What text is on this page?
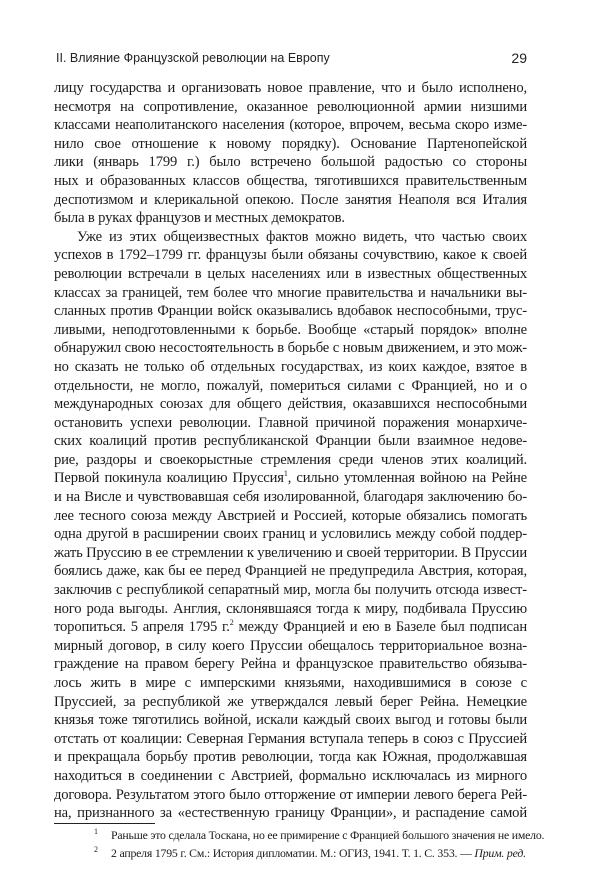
II. Влияние Французской революции на Европу	29
лицу государства и организовать новое правление, что и было исполнено,
несмотря на сопротивление, оказанное революционной армии низшими
классами неаполитанского населения (которое, впрочем, весьма скоро изме-
нило свое отношение к новому порядку). Основание Партенопейской
лики (январь 1799 г.) было встречено большой радостью со стороны
ных и образованных классов общества, тяготившихся правительственным
деспотизмом и клерикальной опекою. После занятия Неаполя вся Италия
была в руках французов и местных демократов.
Уже из этих общеизвестных фактов можно видеть, что частью своих
успехов в 1792–1799 гг. французы были обязаны сочувствию, какое к своей
революции встречали в целых населениях или в известных общественных
классах за границей, тем более что многие правительства и начальники вы-
сланных против Франции войск оказывались вдобавок неспособными, трус-
ливыми, неподготовленными к борьбе. Вообще «старый порядок» вполне
обнаружил свою несостоятельность в борьбе с новым движением, и это мож-
но сказать не только об отдельных государствах, из коих каждое, взятое в
отдельности, не могло, пожалуй, помериться силами с Францией, но и о
международных союзах для общего действия, оказавшихся неспособными
остановить успехи революции. Главной причиной поражения монархиче-
ских коалиций против республиканской Франции были взаимное недове-
рие, раздоры и своекорыстные стремления среди членов этих коалиций.
Первой покинула коалицию Пруссия$^1$, сильно утомленная войною на Рейне
и на Висле и чувствовавшая себя изолированной, благодаря заключению бо-
лее тесного союза между Австрией и Россией, которые обязались помогать
одна другой в расширении своих границ и условились между собой поддер-
жать Пруссию в ее стремлении к увеличению и своей территории. В Пруссии
боялись даже, как бы ее перед Францией не предупредила Австрия, которая,
заключив с республикой сепаратный мир, могла бы получить отсюда извест-
ного рода выгоды. Англия, склонявшаяся тогда к миру, подбивала Пруссию
торопиться. 5 апреля 1795 г.$^2$ между Францией и ею в Базеле был подписан
мирный договор, в силу коего Пруссии обещалось территориальное возна-
граждение на правом берегу Рейна и французское правительство обязыва-
лось жить в мире с имперскими князьями, находившимися в союзе с
Пруссией, за республикой же утверждался левый берег Рейна. Немецкие
князья тоже тяготились войной, искали каждый своих выгод и готовы были
отстать от коалиции: Северная Германия вступала теперь в союз с Пруссией
и прекращала борьбу против революции, тогда как Южная, продолжавшая
находиться в соединении с Австрией, формально исключалась из мирного
договора. Результатом этого было отторжение от империи левого берега Рей-
на, признанного за «естественную границу Франции», и распадение самой
1 Раньше это сделала Тоскана, но ее примирение с Францией большого значения не имело.
2 2 апреля 1795 г. См.: История дипломатии. М.: ОГИЗ, 1941. Т. 1. С. 353. — Прим. ред.
